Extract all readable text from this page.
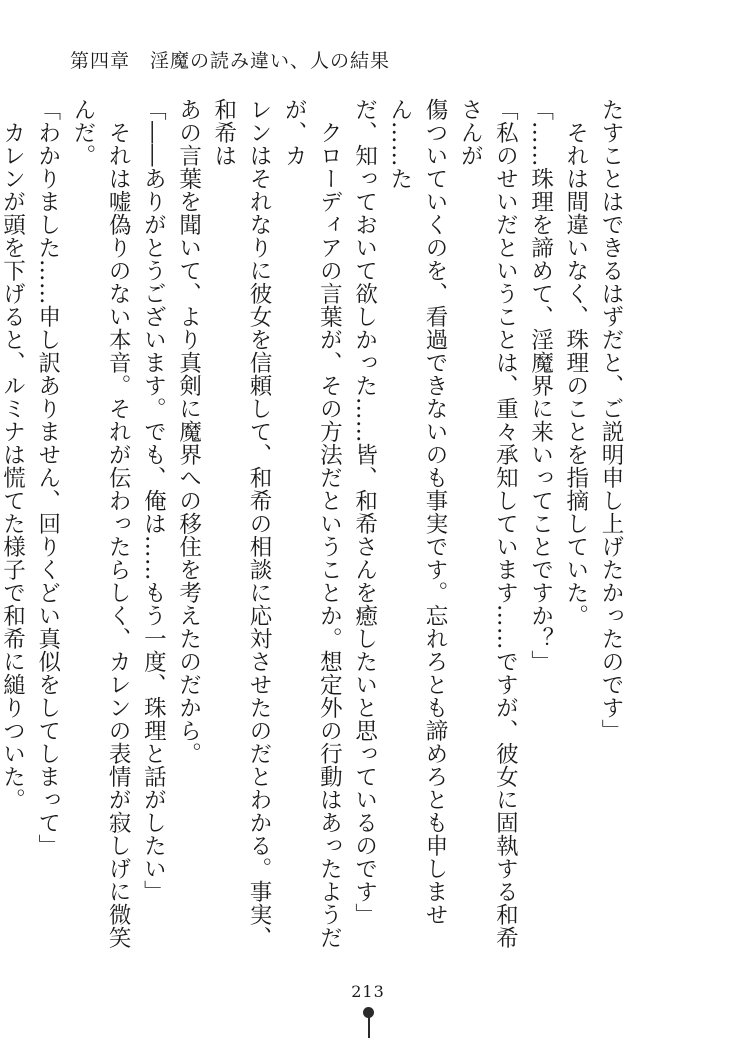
第四章　淫魔の読み違い、人の結果

たすことはできるはずだと、ご説明申し上げたかったのです」

　それは間違いなく、珠理のことを指摘していた。

「……珠理を諦めて、淫魔界に来いってことですか？」

「私のせいだということは、重々承知しています……ですが、彼女に固執する和希さんが

傷ついていくのを、看過できないのも事実です。忘れろとも諦めろとも申しません……た

だ、知っておいて欲しかった……皆、和希さんを癒したいと思っているのです」

　クローディアの言葉が、その方法だということか。想定外の行動はあったようだが、カ

レンはそれなりに彼女を信頼して、和希の相談に応対させたのだとわかる。事実、和希は

あの言葉を聞いて、より真剣に魔界への移住を考えたのだから。

「――ありがとうございます。でも、俺は……もう一度、珠理と話がしたい」

　それは嘘偽りのない本音。それが伝わったらしく、カレンの表情が寂しげに微笑んだ。

「わかりました……申し訳ありません、回りくどい真似をしてしまって」

　カレンが頭を下げると、ルミナは慌てた様子で和希に縋りついた。

213
